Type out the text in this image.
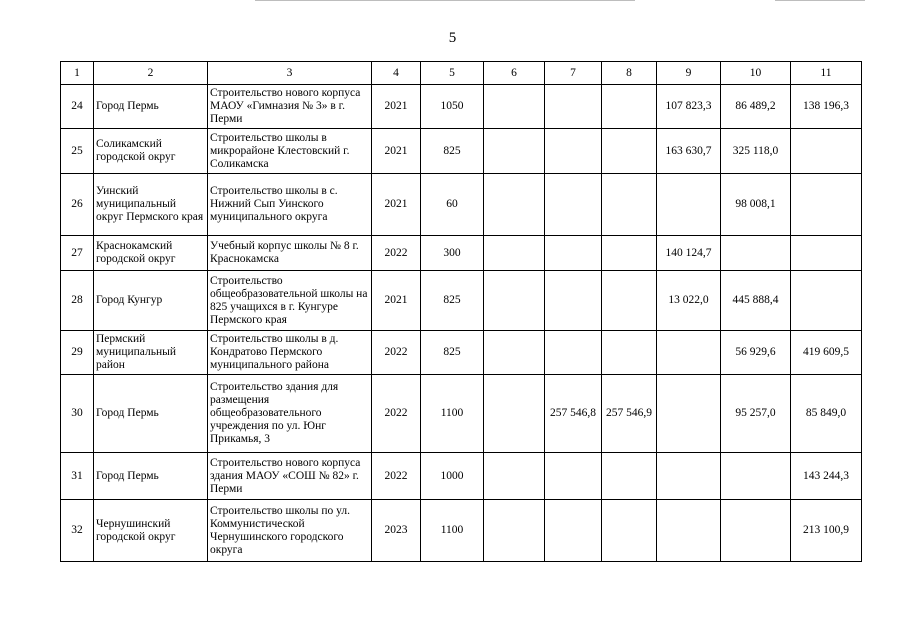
5
1	2	3	4	5	6	7	8	9	10	11
24	Город Пермь	Строительство нового корпуса МАОУ «Гимназия № 3» в г. Перми	2021	1050				107 823,3	86 489,2	138 196,3
25	Соликамский городской округ	Строительство школы в микрорайоне Клестовский г. Соликамска	2021	825				163 630,7	325 118,0	
26	Уинский муниципальный округ Пермского края	Строительство школы в с. Нижний Сып Уинского муниципального округа	2021	60					98 008,1	
27	Краснокамский городской округ	Учебный корпус школы № 8 г. Краснокамска	2022	300				140 124,7		
28	Город Кунгур	Строительство общеобразовательной школы на 825 учащихся в г. Кунгуре Пермского края	2021	825				13 022,0	445 888,4	
29	Пермский муниципальный район	Строительство школы в д. Кондратово Пермского муниципального района	2022	825					56 929,6	419 609,5
30	Город Пермь	Строительство здания для размещения общеобразовательного учреждения по ул. Юнг Прикамья, 3	2022	1100		257 546,8	257 546,9		95 257,0	85 849,0
31	Город Пермь	Строительство нового корпуса здания МАОУ «СОШ № 82» г. Перми	2022	1000						143 244,3
32	Чернушинский городской округ	Строительство школы по ул. Коммунистической Чернушинского городского округа	2023	1100						213 100,9
